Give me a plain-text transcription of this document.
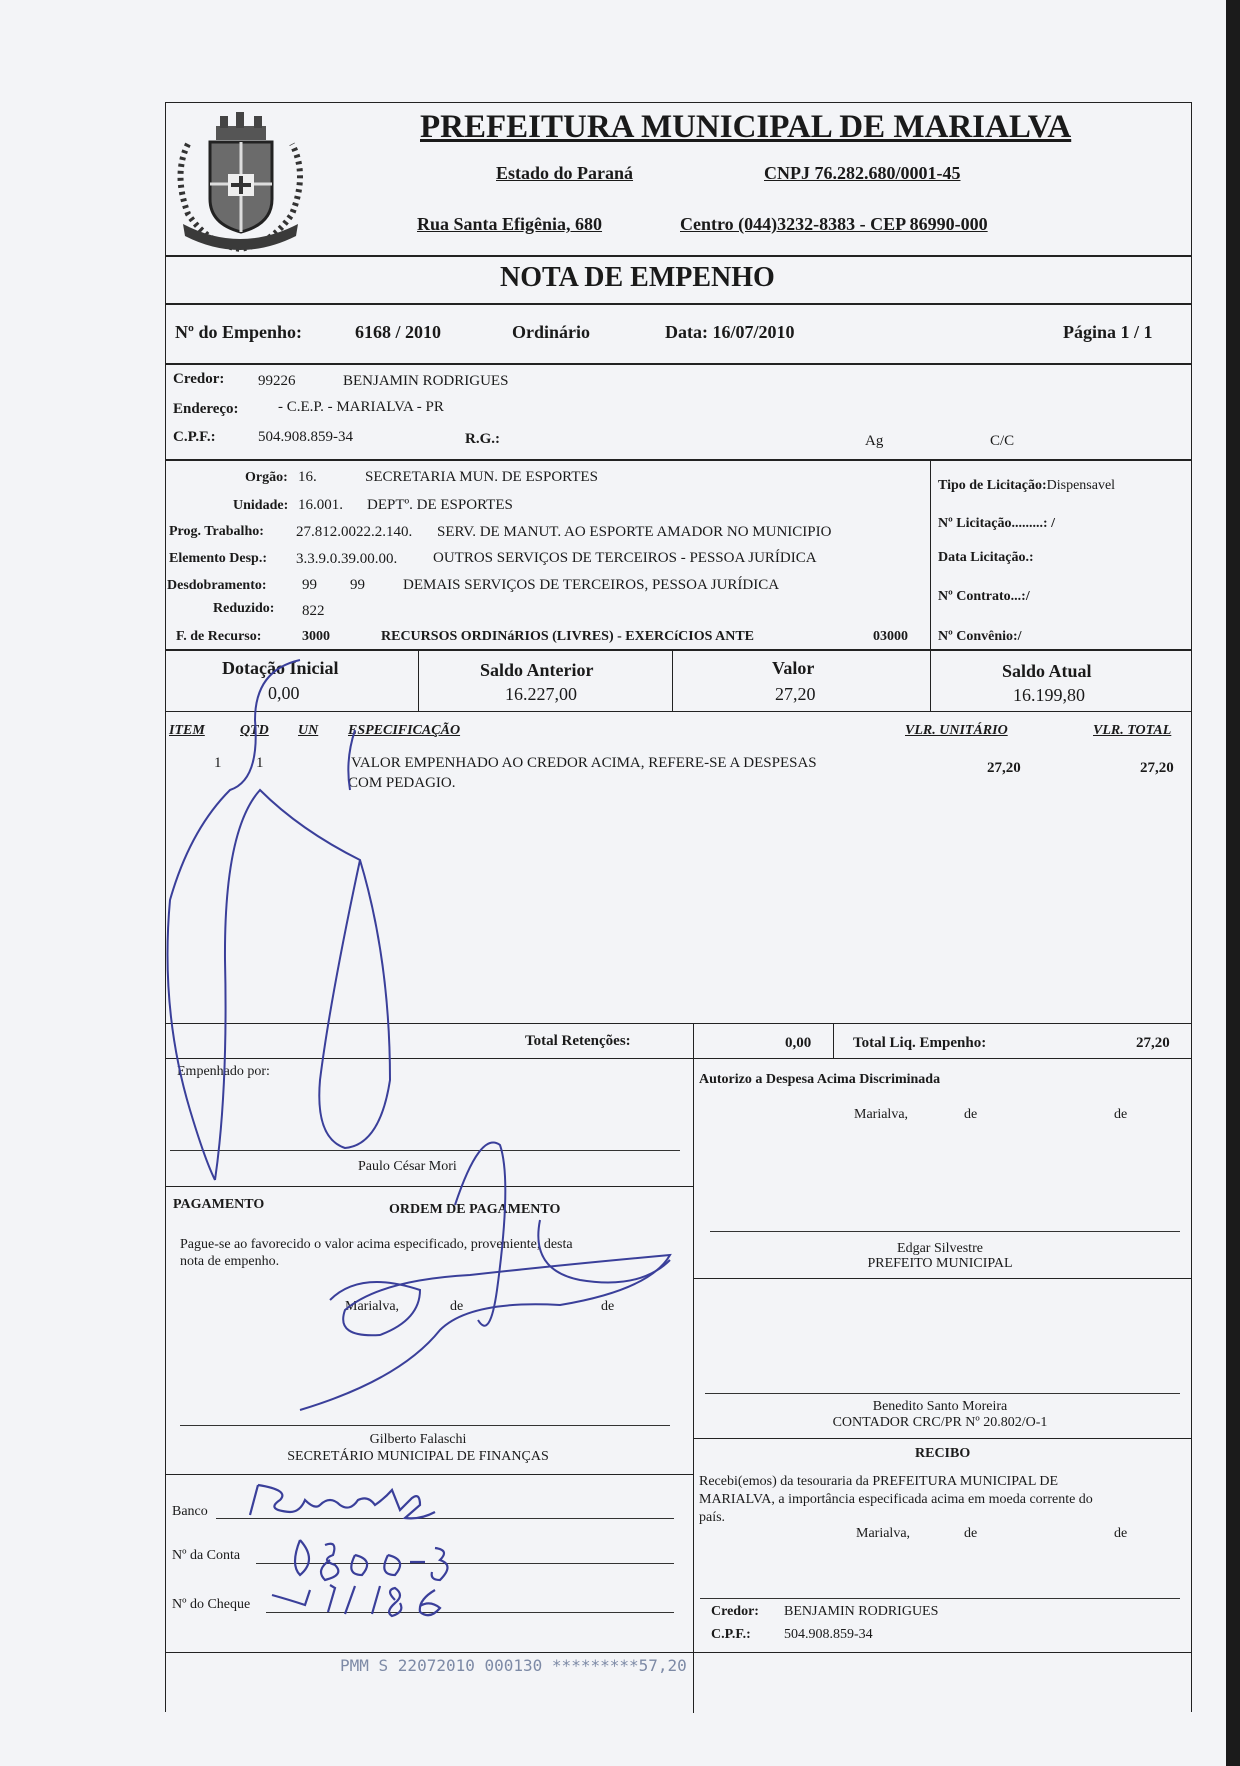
PREFEITURA MUNICIPAL DE MARIALVA
Estado do Paraná	CNPJ 76.282.680/0001-45
Rua Santa Efigênia, 680	Centro (044)3232-8383 - CEP 86990-000
NOTA DE EMPENHO
Nº do Empenho:	6168 / 2010	Ordinário	Data: 16/07/2010	Página 1 / 1
Credor: 99226	BENJAMIN RODRIGUES
Endereço:	- C.E.P. - MARIALVA - PR
C.P.F.:	504.908.859-34	R.G.:	Ag	C/C
Orgão: 16.	SECRETARIA MUN. DE ESPORTES
Unidade: 16.001. DEPTº. DE ESPORTES
Prog. Trabalho: 27.812.0022.2.140. SERV. DE MANUT. AO ESPORTE AMADOR NO MUNICIPIO
Elemento Desp.: 3.3.9.0.39.00.00. OUTROS SERVIÇOS DE TERCEIROS - PESSOA JURÍDICA
Desdobramento: 99 99	DEMAIS SERVIÇOS DE TERCEIROS, PESSOA JURÍDICA
Reduzido: 822
F. de Recurso:	3000	RECURSOS ORDINáRIOS (LIVRES) - EXERCíCIOS ANTE	03000
Tipo de Licitação:Dispensavel
Nº Licitação.........: /
Data Licitação.:
Nº Contrato...:/
Nº Convênio:/
Dotação Inicial
0,00
Saldo Anterior
16.227,00
Valor
27,20
Saldo Atual
16.199,80
ITEM	QTD UN ESPECIFICAÇÃO	VLR. UNITÁRIO	VLR. TOTAL
1 1	VALOR EMPENHADO AO CREDOR ACIMA, REFERE-SE A DESPESAS
COM PEDAGIO.
27,20	27,20
Total Retenções:	0,00	Total Liq. Empenho:	27,20
Empenhado por:
Paulo César Mori
Autorizo a Despesa Acima Discriminada
Marialva,	de	de
Edgar Silvestre
PREFEITO MUNICIPAL
Benedito Santo Moreira
CONTADOR CRC/PR Nº 20.802/O-1
PAGAMENTO	ORDEM DE PAGAMENTO
Pague-se ao favorecido o valor acima especificado, proveniente, desta
nota de empenho.
Marialva,	de	de
Gilberto Falaschi
SECRETÁRIO MUNICIPAL DE FINANÇAS
Banco
Nº da Conta
Nº do Cheque
RECIBO
Recebi(emos) da tesouraria da PREFEITURA MUNICIPAL DE
MARIALVA, a importância especificada acima em moeda corrente do
país.
Marialva,	de	de
Credor: BENJAMIN RODRIGUES
C.P.F.: 504.908.859-34
PMM S 22072010 000130 *********57,20
